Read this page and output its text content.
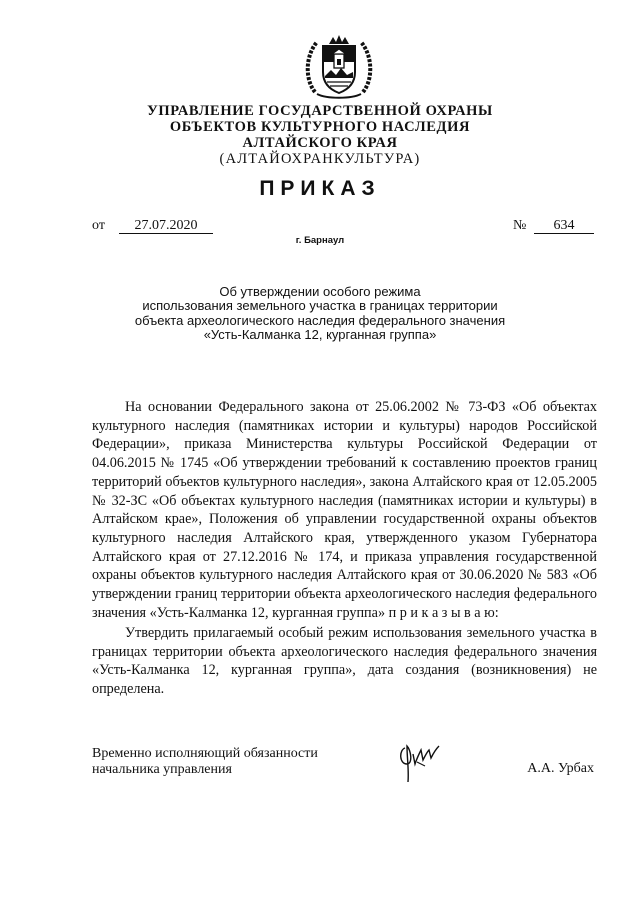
УПРАВЛЕНИЕ ГОСУДАРСТВЕННОЙ ОХРАНЫ
ОБЪЕКТОВ КУЛЬТУРНОГО НАСЛЕДИЯ
АЛТАЙСКОГО КРАЯ
(АЛТАЙОХРАНКУЛЬТУРА)
ПРИКАЗ
от	27.07.2020	№	634
г. Барнаул
Об утверждении особого режима
использования земельного участка в границах территории
объекта археологического наследия федерального значения
«Усть-Калманка 12, курганная группа»
На основании Федерального закона от 25.06.2002 № 73-ФЗ «Об объектах культурного наследия (памятниках истории и культуры) народов Российской Федерации», приказа Министерства культуры Российской Федерации от 04.06.2015 № 1745 «Об утверждении требований к составлению проектов границ территорий объектов культурного наследия», закона Алтайского края от 12.05.2005 № 32-ЗС «Об объектах культурного наследия (памятниках истории и культуры) в Алтайском крае», Положения об управлении государственной охраны объектов культурного наследия Алтайского края, утвержденного указом Губернатора Алтайского края от 27.12.2016 № 174, и приказа управления государственной охраны объектов культурного наследия Алтайского края от 30.06.2020 № 583 «Об утверждении границ территории объекта археологического наследия федерального значения «Усть-Калманка 12, курганная группа» п р и к а з ы в а ю:
Утвердить прилагаемый особый режим использования земельного участка в границах территории объекта археологического наследия федерального значения «Усть-Калманка 12, курганная группа», дата создания (возникновения) не определена.
Временно исполняющий обязанности
начальника управления	А.А. Урбах
